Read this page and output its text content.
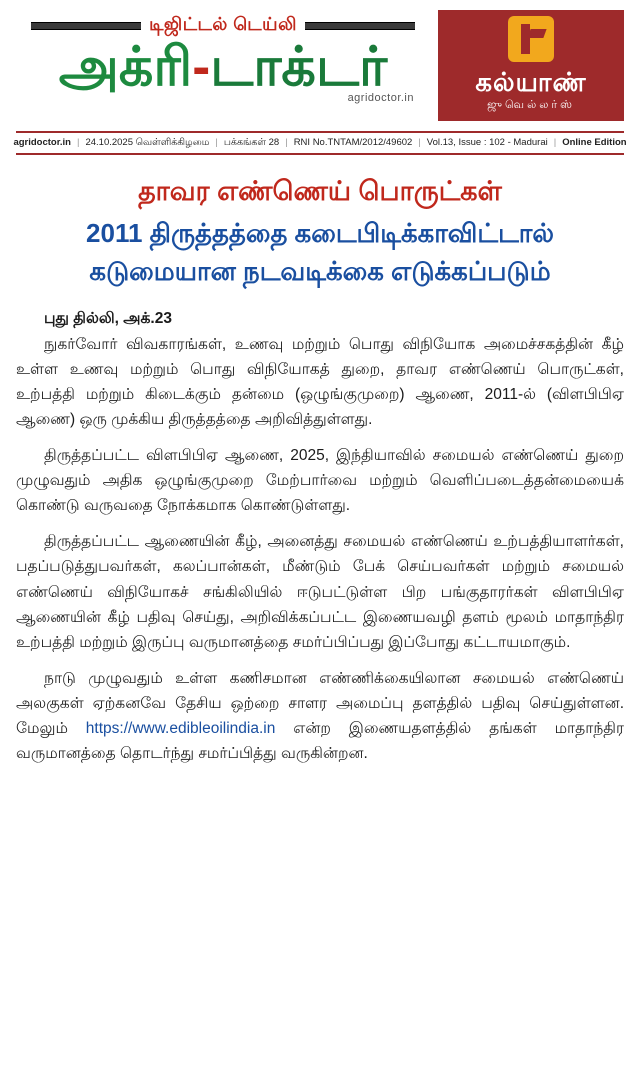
டிஜிட்டல் டெய்லி
அக்ரி-டாக்டர்
agridoctor.in
கல்யாண்
ஜுவெல்லர்ஸ்
agridoctor.in | 24.10.2025 வெள்ளிக்கிழமை | பக்கங்கள் 28 | RNI No.TNTAM/2012/49602 | Vol.13, Issue : 102 - Madurai | Online Edition
தாவர எண்ணெய் பொருட்கள்
2011 திருத்தத்தை கடைபிடிக்காவிட்டால்
கடுமையான நடவடிக்கை எடுக்கப்படும்
புது தில்லி, அக்.23

நுகர்வோர் விவகாரங்கள், உணவு மற்றும் பொது விநியோக அமைச்சகத்தின் கீழ் உள்ள உணவு மற்றும் பொது விநியோகத் துறை, தாவர எண்ணெய் பொருட்கள், உற்பத்தி மற்றும் கிடைக்கும் தன்மை (ஒழுங்குமுறை) ஆணை, 2011-ல் (விளபிபிஏ ஆணை) ஒரு முக்கிய திருத்தத்தை அறிவித்துள்ளது.

திருத்தப்பட்ட விளபிபிஏ ஆணை, 2025, இந்தியாவில் சமையல் எண்ணெய் துறை முழுவதும் அதிக ஒழுங்குமுறை மேற்பார்வை மற்றும் வெளிப்படைத்தன்மையைக் கொண்டு வருவதை நோக்கமாக கொண்டுள்ளது.

திருத்தப்பட்ட ஆணையின் கீழ், அனைத்து சமையல் எண்ணெய் உற்பத்தியாளர்கள், பதப்படுத்துபவர்கள், கலப்பான்கள், மீண்டும் பேக் செய்பவர்கள் மற்றும் சமையல் எண்ணெய் விநியோகச் சங்கிலியில் ஈடுபட்டுள்ள பிற பங்குதாரர்கள் விளபிபிஏ ஆணையின் கீழ் பதிவு செய்து, அறிவிக்கப்பட்ட இணையவழி தளம் மூலம் மாதாந்திர உற்பத்தி மற்றும் இருப்பு வருமானத்தை சமர்ப்பிப்பது இப்போது கட்டாயமாகும்.

நாடு முழுவதும் உள்ள கணிசமான எண்ணிக்கையிலான சமையல் எண்ணெய் அலகுகள் ஏற்கனவே தேசிய ஒற்றை சாளர அமைப்பு தளத்தில் பதிவு செய்துள்ளன. மேலும் https://www.edibleoilindia.in என்ற இணையதளத்தில் தங்கள் மாதாந்திர வருமானத்தை தொடர்ந்து சமர்ப்பித்து வருகின்றன.
